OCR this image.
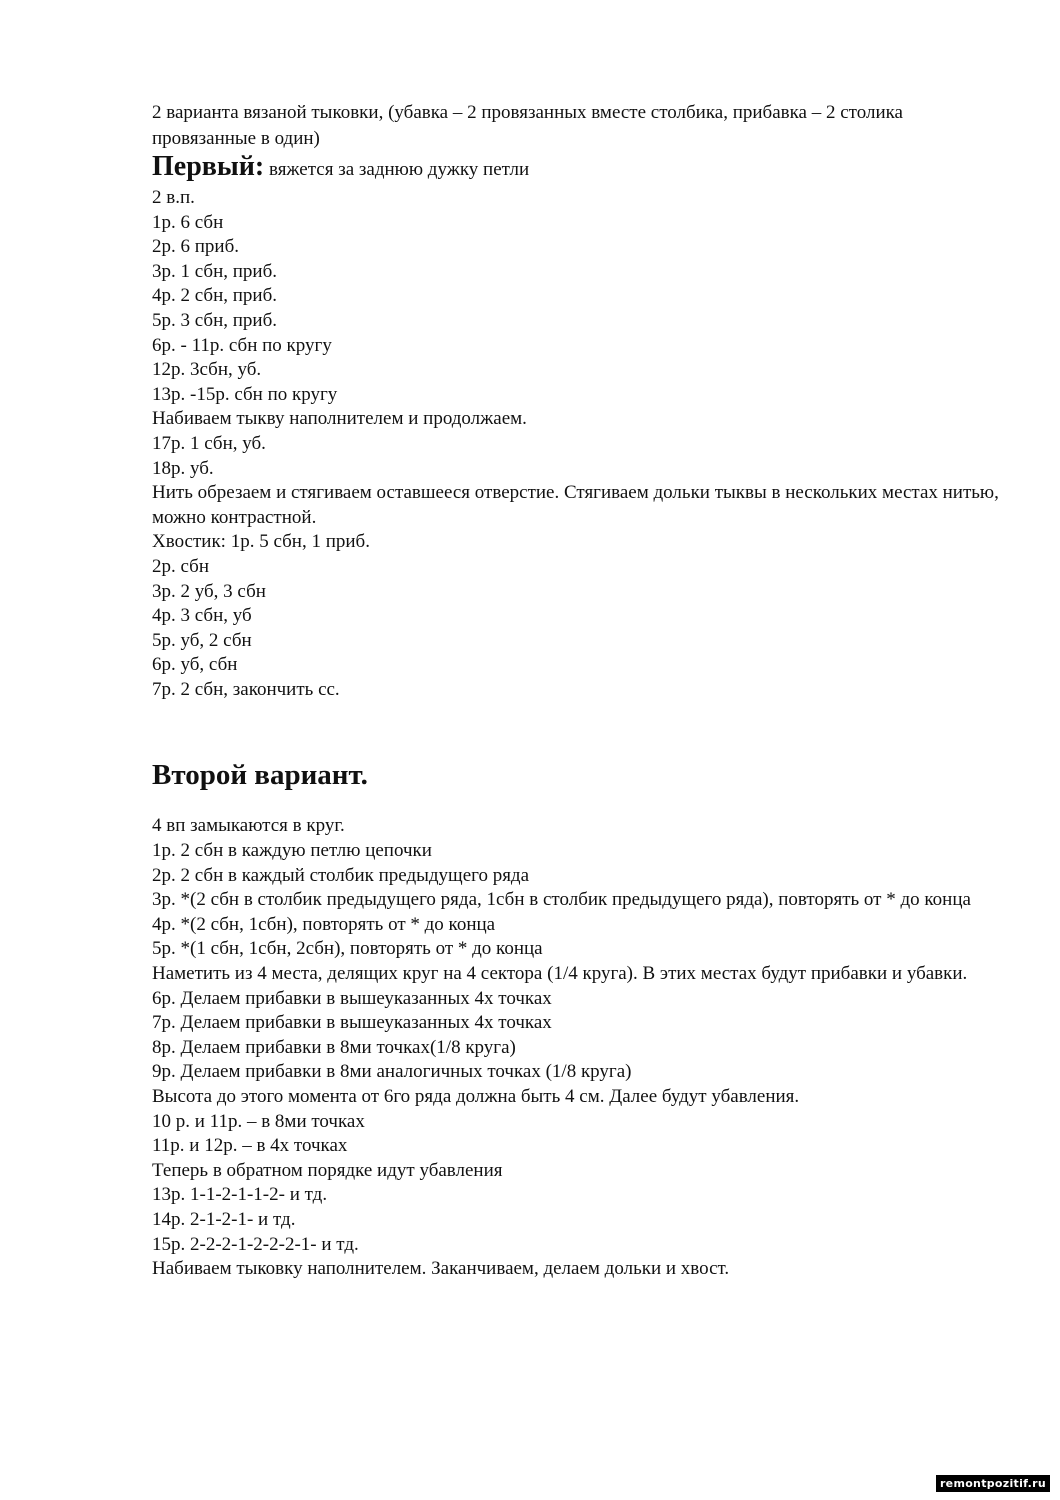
2 варианта вязаной тыковки, (убавка – 2 провязанных вместе столбика, прибавка – 2 столика провязанные в один)

Первый: вяжется за заднюю дужку петли

2 в.п.
1р. 6 сбн
2р. 6 приб.
3р. 1 сбн, приб.
4р. 2 сбн, приб.
5р. 3 сбн, приб.
6р. - 11р. сбн по кругу
12р. 3сбн, уб.
13р. -15р. сбн по кругу
Набиваем тыкву наполнителем и продолжаем.
17р. 1 сбн, уб.
18р. уб.
Нить обрезаем и стягиваем оставшееся отверстие. Стягиваем дольки тыквы в нескольких местах нитью, можно контрастной.
Хвостик: 1р. 5 сбн, 1 приб.
2р. сбн
3р. 2 уб, 3 сбн
4р. 3 сбн, уб
5р. уб, 2 сбн
6р. уб, сбн
7р. 2 сбн, закончить сс.
Второй вариант.
4 вп замыкаются в круг.
1р. 2 сбн в каждую петлю цепочки
2р. 2 сбн в каждый столбик предыдущего ряда
3р. *(2 сбн в столбик предыдущего ряда, 1сбн в столбик предыдущего ряда), повторять от * до конца
4р. *(2 сбн, 1сбн), повторять от * до конца
5р. *(1 сбн, 1сбн, 2сбн), повторять от * до конца
Наметить из 4 места, делящих круг на 4 сектора (1/4 круга). В этих местах будут прибавки и убавки.
6р. Делаем прибавки в вышеуказанных 4х точках
7р. Делаем прибавки в вышеуказанных 4х точках
8р. Делаем прибавки в 8ми точках(1/8 круга)
9р. Делаем прибавки в 8ми аналогичных точках (1/8 круга)
Высота до этого момента от 6го ряда должна быть 4 см. Далее будут убавления.
10 р. и 11р. – в 8ми точках
11р. и 12р. – в 4х точках
Теперь в обратном порядке идут убавления
13р. 1-1-2-1-1-2- и тд.
14р. 2-1-2-1- и тд.
15р. 2-2-2-1-2-2-2-1- и тд.
Набиваем тыковку наполнителем. Заканчиваем, делаем дольки и хвост.
remontpozitif.ru
